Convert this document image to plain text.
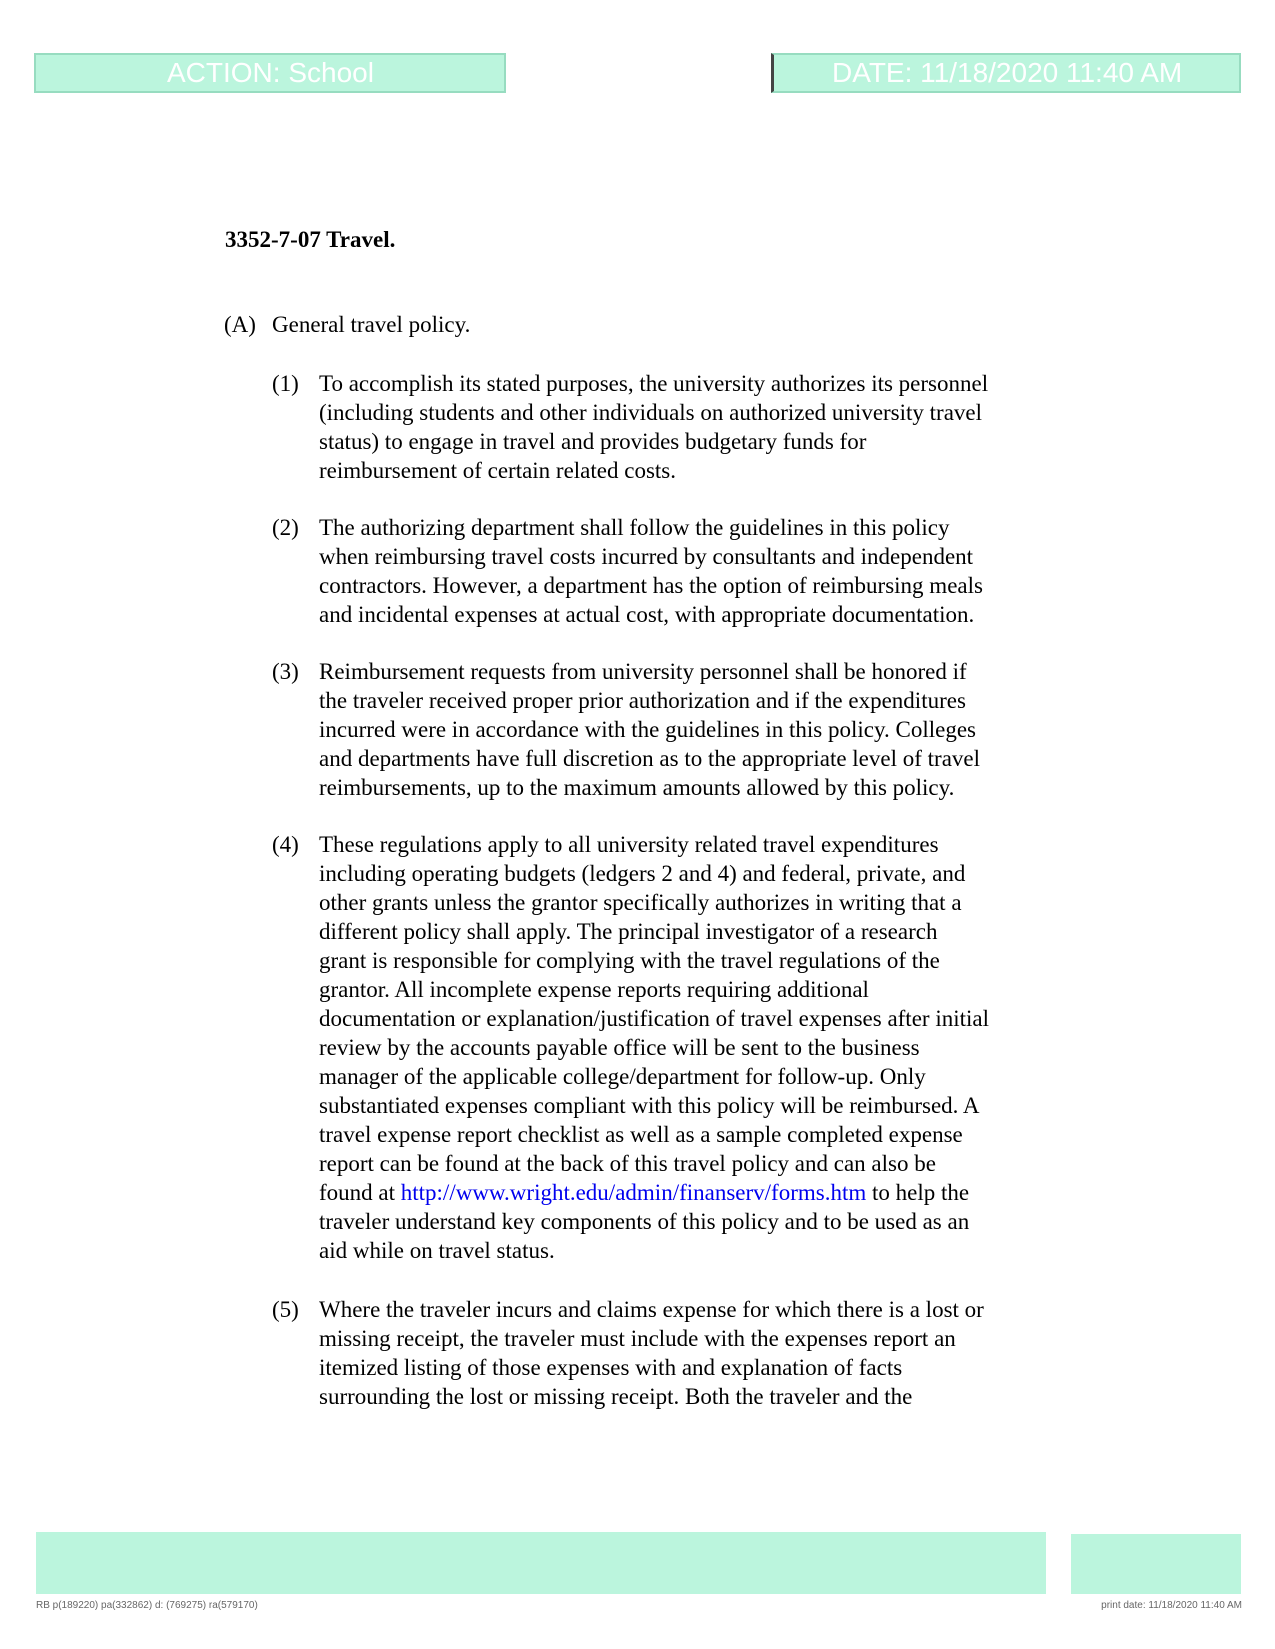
ACTION: School	DATE: 11/18/2020 11:40 AM
3352-7-07 Travel.

(A) General travel policy.

(1) To accomplish its stated purposes, the university authorizes its personnel
(including students and other individuals on authorized university travel
status) to engage in travel and provides budgetary funds for
reimbursement of certain related costs.
(2) The authorizing department shall follow the guidelines in this policy
when reimbursing travel costs incurred by consultants and independent
contractors. However, a department has the option of reimbursing meals
and incidental expenses at actual cost, with appropriate documentation.
(3) Reimbursement requests from university personnel shall be honored if
the traveler received proper prior authorization and if the expenditures
incurred were in accordance with the guidelines in this policy. Colleges
and departments have full discretion as to the appropriate level of travel
reimbursements, up to the maximum amounts allowed by this policy.
(4) These regulations apply to all university related travel expenditures
including operating budgets (ledgers 2 and 4) and federal, private, and
other grants unless the grantor specifically authorizes in writing that a
different policy shall apply. The principal investigator of a research
grant is responsible for complying with the travel regulations of the
grantor. All incomplete expense reports requiring additional
documentation or explanation/justification of travel expenses after initial
review by the accounts payable office will be sent to the business
manager of the applicable college/department for follow-up. Only
substantiated expenses compliant with this policy will be reimbursed. A
travel expense report checklist as well as a sample completed expense
report can be found at the back of this travel policy and can also be
found at http://www.wright.edu/admin/finanserv/forms.htm to help the
traveler understand key components of this policy and to be used as an
aid while on travel status.
(5) Where the traveler incurs and claims expense for which there is a lost or
missing receipt, the traveler must include with the expenses report an
itemized listing of those expenses with and explanation of facts
surrounding the lost or missing receipt. Both the traveler and the
RB p(189220) pa(332862) d: (769275) ra(579170)	print date: 11/18/2020 11:40 AM
